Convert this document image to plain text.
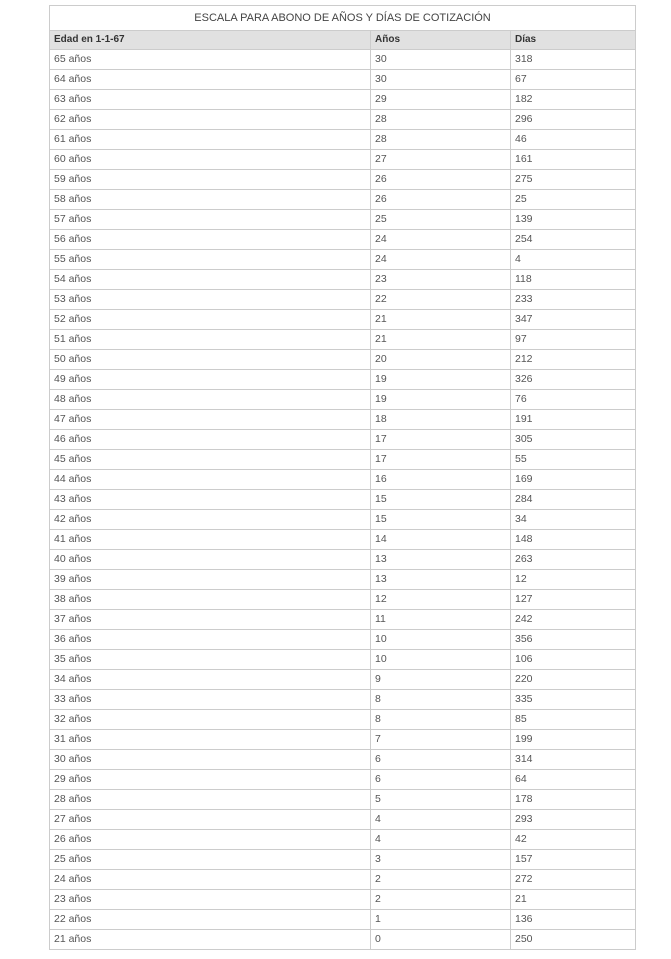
ESCALA PARA ABONO DE AÑOS Y DÍAS DE COTIZACIÓN		
Edad en 1-1-67	Años	Días
65 años	30	318
64 años	30	67
63 años	29	182
62 años	28	296
61 años	28	46
60 años	27	161
59 años	26	275
58 años	26	25
57 años	25	139
56 años	24	254
55 años	24	4
54 años	23	118
53 años	22	233
52 años	21	347
51 años	21	97
50 años	20	212
49 años	19	326
48 años	19	76
47 años	18	191
46 años	17	305
45 años	17	55
44 años	16	169
43 años	15	284
42 años	15	34
41 años	14	148
40 años	13	263
39 años	13	12
38 años	12	127
37 años	11	242
36 años	10	356
35 años	10	106
34 años	9	220
33 años	8	335
32 años	8	85
31 años	7	199
30 años	6	314
29 años	6	64
28 años	5	178
27 años	4	293
26 años	4	42
25 años	3	157
24 años	2	272
23 años	2	21
22 años	1	136
21 años	0	250
